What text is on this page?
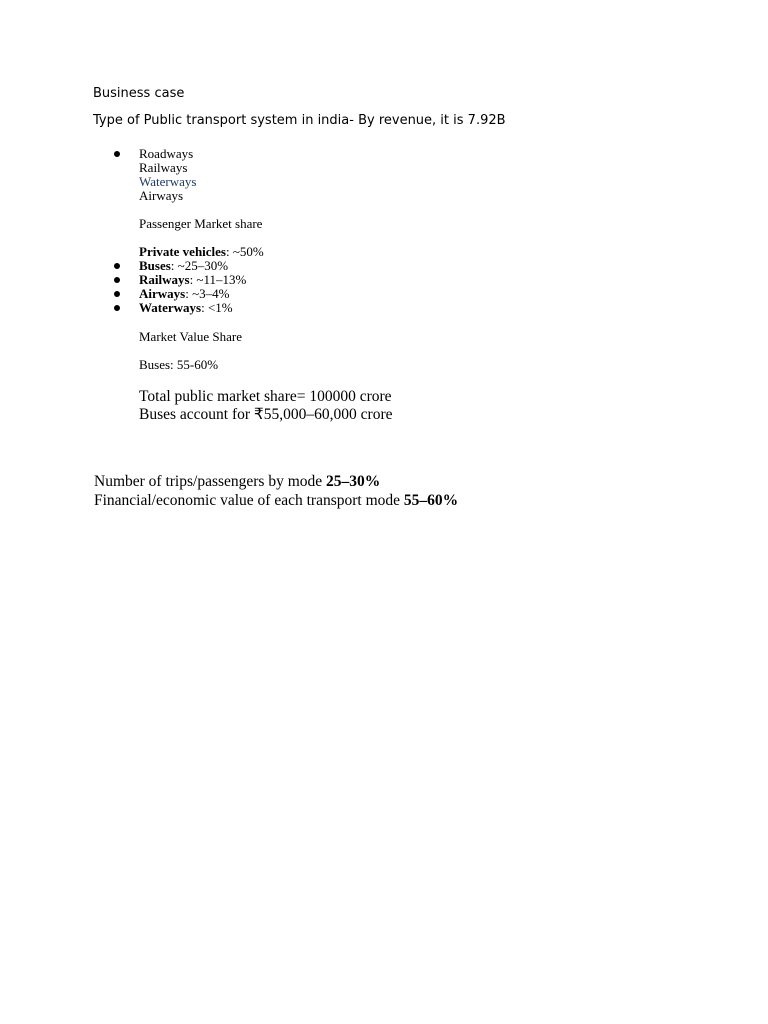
Business case
Type of Public transport system in india- By revenue, it is 7.92B
Roadways
Railways
Waterways
Airways
Passenger Market share
Private vehicles: ~50%
Buses: ~25–30%
Railways: ~11–13%
Airways: ~3–4%
Waterways: <1%
Market Value Share
Buses: 55-60%
Total public market share= 100000 crore
Buses account for ₹55,000–60,000 crore
Number of trips/passengers by mode 25–30%
Financial/economic value of each transport mode 55–60%
